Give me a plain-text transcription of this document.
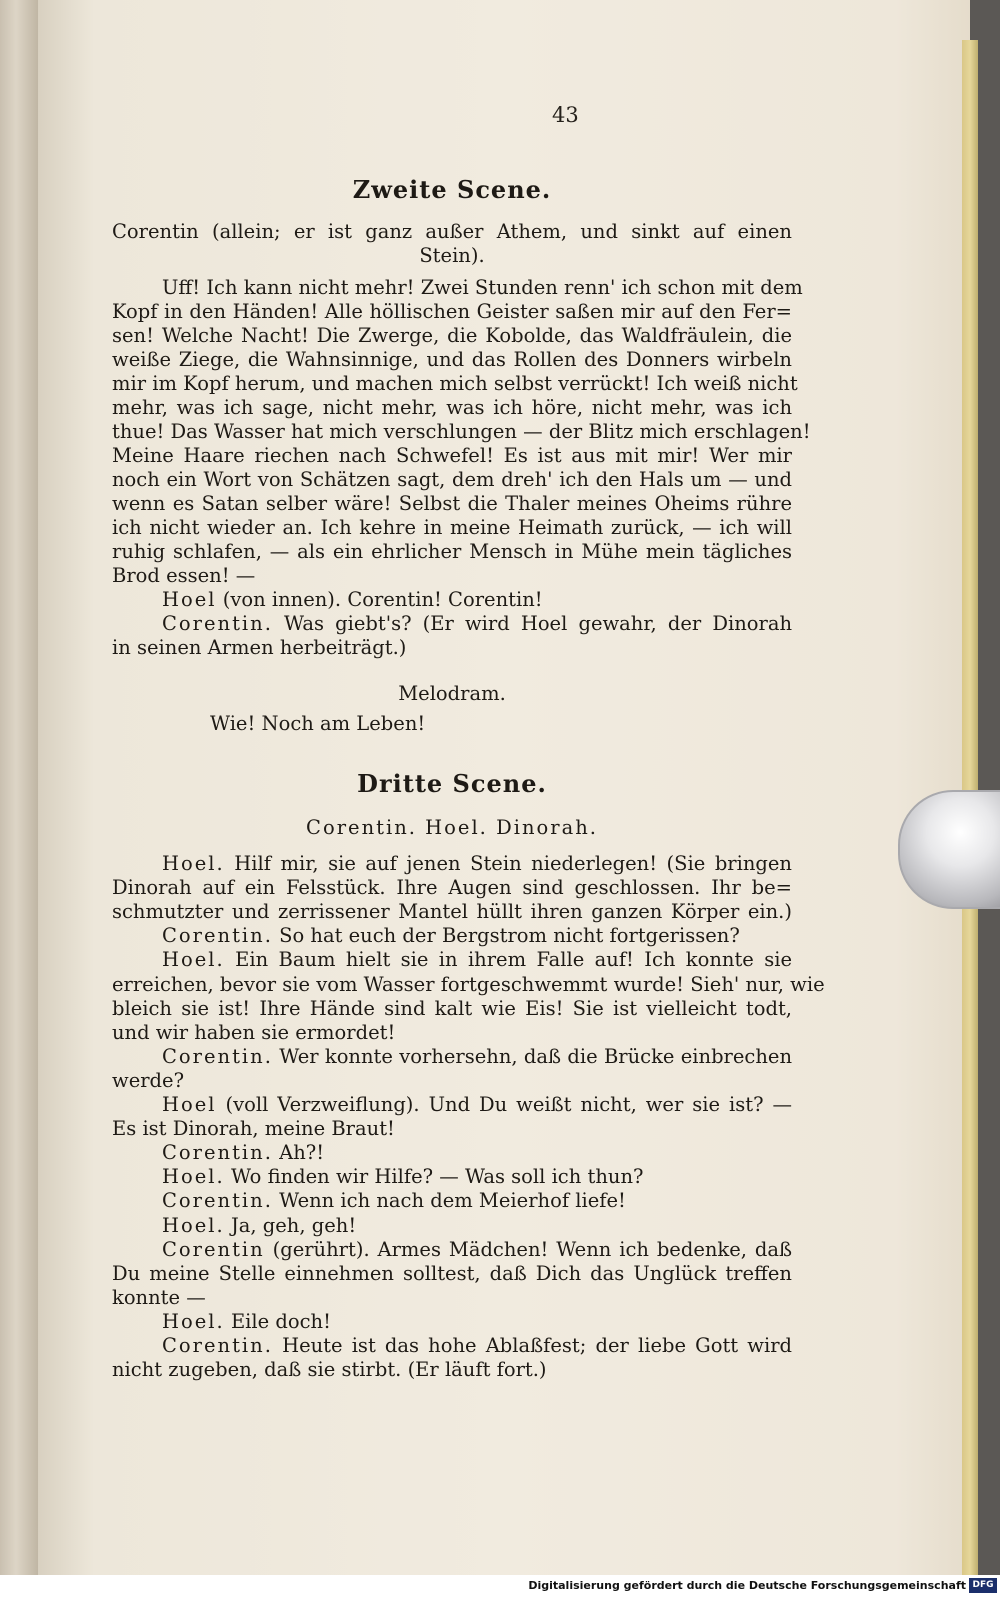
43
Zweite Scene.
Corentin (allein; er ist ganz außer Athem, und sinkt auf einen
Stein).
Uff! Ich kann nicht mehr! Zwei Stunden renn' ich schon mit dem
Kopf in den Händen! Alle höllischen Geister saßen mir auf den Fer=
sen! Welche Nacht! Die Zwerge, die Kobolde, das Waldfräulein, die
weiße Ziege, die Wahnsinnige, und das Rollen des Donners wirbeln
mir im Kopf herum, und machen mich selbst verrückt! Ich weiß nicht
mehr, was ich sage, nicht mehr, was ich höre, nicht mehr, was ich
thue! Das Wasser hat mich verschlungen — der Blitz mich erschlagen!
Meine Haare riechen nach Schwefel! Es ist aus mit mir! Wer mir
noch ein Wort von Schätzen sagt, dem dreh' ich den Hals um — und
wenn es Satan selber wäre! Selbst die Thaler meines Oheims rühre
ich nicht wieder an. Ich kehre in meine Heimath zurück, — ich will
ruhig schlafen, — als ein ehrlicher Mensch in Mühe mein tägliches
Brod essen! —
Hoel (von innen). Corentin! Corentin!
Corentin. Was giebt's? (Er wird Hoel gewahr, der Dinorah
in seinen Armen herbeiträgt.)
Melodram.
Wie! Noch am Leben!
Dritte Scene.
Corentin. Hoel. Dinorah.
Hoel. Hilf mir, sie auf jenen Stein niederlegen! (Sie bringen
Dinorah auf ein Felsstück. Ihre Augen sind geschlossen. Ihr be=
schmutzter und zerrissener Mantel hüllt ihren ganzen Körper ein.)
Corentin. So hat euch der Bergstrom nicht fortgerissen?
Hoel. Ein Baum hielt sie in ihrem Falle auf! Ich konnte sie
erreichen, bevor sie vom Wasser fortgeschwemmt wurde! Sieh' nur, wie
bleich sie ist! Ihre Hände sind kalt wie Eis! Sie ist vielleicht todt,
und wir haben sie ermordet!
Corentin. Wer konnte vorhersehn, daß die Brücke einbrechen
werde?
Hoel (voll Verzweiflung). Und Du weißt nicht, wer sie ist? —
Es ist Dinorah, meine Braut!
Corentin. Ah?!
Hoel. Wo finden wir Hilfe? — Was soll ich thun?
Corentin. Wenn ich nach dem Meierhof liefe!
Hoel. Ja, geh, geh!
Corentin (gerührt). Armes Mädchen! Wenn ich bedenke, daß
Du meine Stelle einnehmen solltest, daß Dich das Unglück treffen
konnte —
Hoel. Eile doch!
Corentin. Heute ist das hohe Ablaßfest; der liebe Gott wird
nicht zugeben, daß sie stirbt. (Er läuft fort.)
Digitalisierung gefördert durch die Deutsche Forschungsgemeinschaft DFG
